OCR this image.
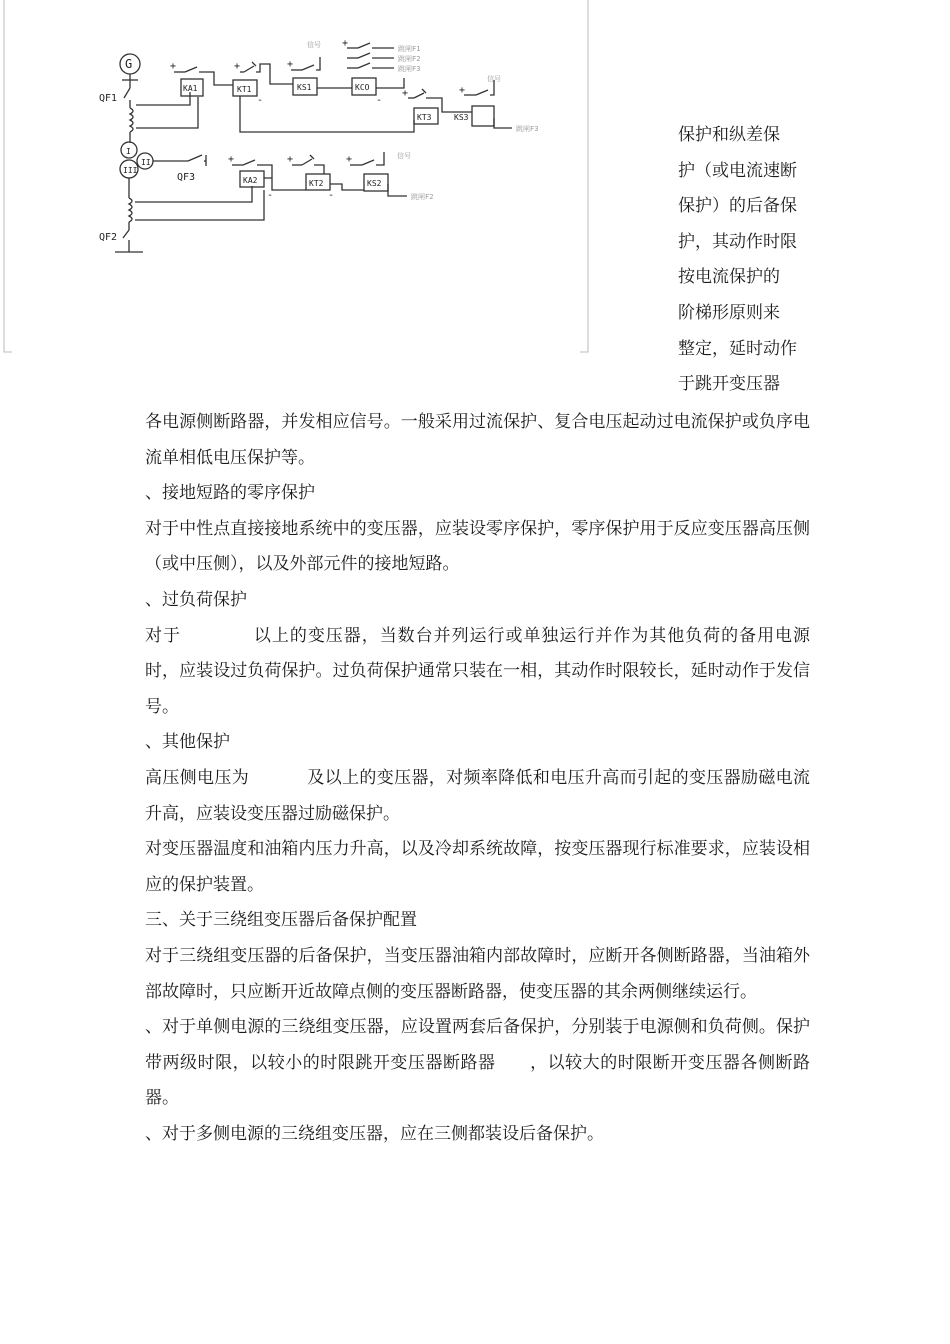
G
QF1
QF2
QF3
I
II
III
KA1	KT1	KS1	KCO
KT3	KS3
KA2	KT2	KS2
信号
信号
信号
跳闸F1
跳闸F2
跳闸F3
跳闸F3
跳闸F2
+	+	+
+
+	+
+	+	+
-	-
-	-
保护和纵差保
护（或电流速断
保护）的后备保
护，其动作时限
按电流保护的
阶梯形原则来
整定，延时动作
于跳开变压器
各电源侧断路器，并发相应信号。一般采用过流保护、复合电压起动过电流保护或负序电流单相低电压保护等。
、接地短路的零序保护
对于中性点直接接地系统中的变压器，应装设零序保护，零序保护用于反应变压器高压侧（或中压侧），以及外部元件的接地短路。
、过负荷保护
对于	以上的变压器，当数台并列运行或单独运行并作为其他负荷的备用电源时，应装设过负荷保护。过负荷保护通常只装在一相，其动作时限较长，延时动作于发信号。
、其他保护
高压侧电压为	及以上的变压器，对频率降低和电压升高而引起的变压器励磁电流升高，应装设变压器过励磁保护。
对变压器温度和油箱内压力升高，以及冷却系统故障，按变压器现行标准要求，应装设相应的保护装置。
三、关于三绕组变压器后备保护配置
对于三绕组变压器的后备保护，当变压器油箱内部故障时，应断开各侧断路器，当油箱外部故障时，只应断开近故障点侧的变压器断路器，使变压器的其余两侧继续运行。
、对于单侧电源的三绕组变压器，应设置两套后备保护，分别装于电源侧和负荷侧。保护带两级时限，以较小的时限跳开变压器断路器 ，以较大的时限断开变压器各侧断路器。
、对于多侧电源的三绕组变压器，应在三侧都装设后备保护。
